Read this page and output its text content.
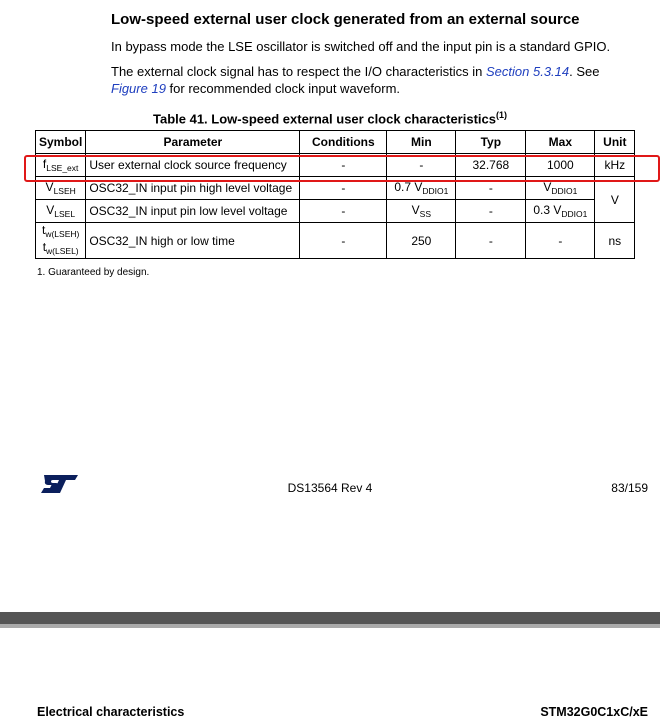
Low-speed external user clock generated from an external source
In bypass mode the LSE oscillator is switched off and the input pin is a standard GPIO.
The external clock signal has to respect the I/O characteristics in Section 5.3.14. See Figure 19 for recommended clock input waveform.
Table 41. Low-speed external user clock characteristics$^{(1)}$
Symbol	Parameter	Conditions	Min	Typ	Max	Unit
$f_{LSE\_ext}$	User external clock source frequency	-	-	32.768	1000	kHz
$V_{LSEH}$	OSC32_IN input pin high level voltage	-	0.7 $V_{DDIO1}$	-	$V_{DDIO1}$	V
$V_{LSEL}$	OSC32_IN input pin low level voltage	-	$V_{SS}$	-	0.3 $V_{DDIO1}$
$t_{w(LSEH)}$
$t_{w(LSEL)}$	OSC32_IN high or low time	-	250	-	-	ns
1. Guaranteed by design.
DS13564 Rev 4	83/159
Electrical characteristics	STM32G0C1xC/xE
